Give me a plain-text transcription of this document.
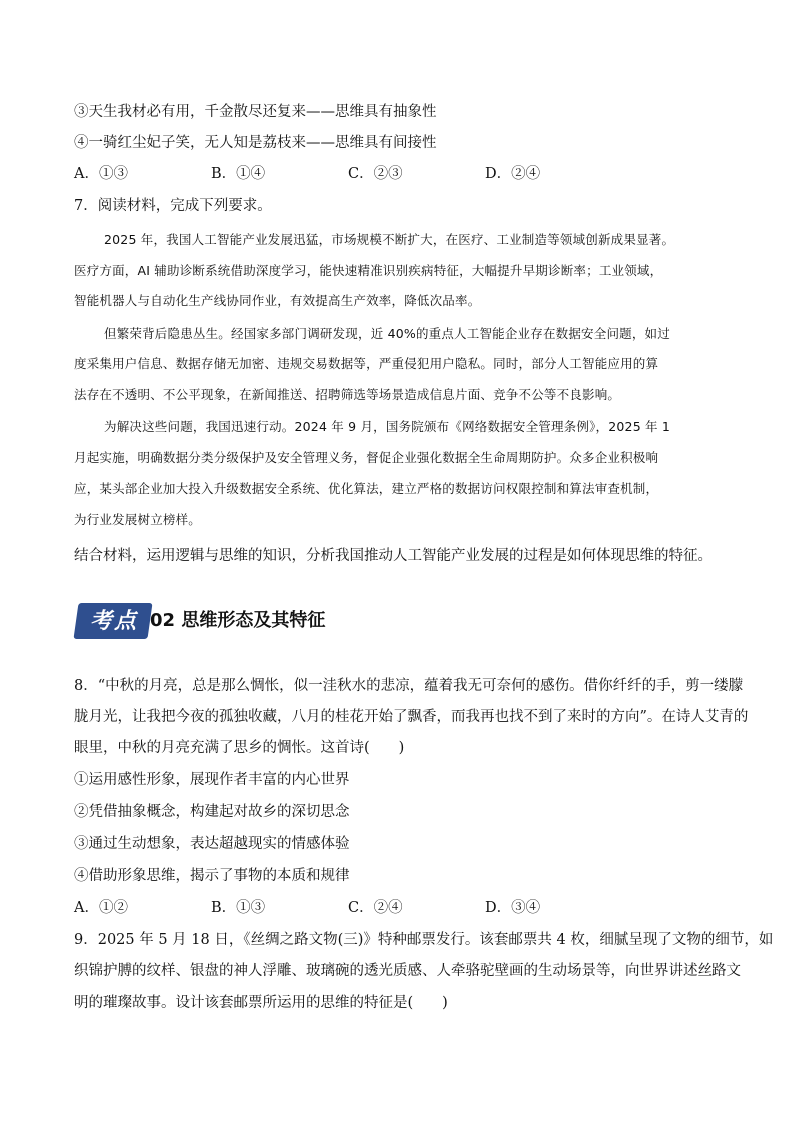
③天生我材必有用，千金散尽还复来——思维具有抽象性
④一骑红尘妃子笑，无人知是荔枝来——思维具有间接性
A．①③	B．①④	C．②③	D．②④
7．阅读材料，完成下列要求。
2025 年，我国人工智能产业发展迅猛，市场规模不断扩大，在医疗、工业制造等领域创新成果显著。
医疗方面，AI 辅助诊断系统借助深度学习，能快速精准识别疾病特征，大幅提升早期诊断率；工业领域，
智能机器人与自动化生产线协同作业，有效提高生产效率，降低次品率。
但繁荣背后隐患丛生。经国家多部门调研发现，近 40%的重点人工智能企业存在数据安全问题，如过
度采集用户信息、数据存储无加密、违规交易数据等，严重侵犯用户隐私。同时，部分人工智能应用的算
法存在不透明、不公平现象，在新闻推送、招聘筛选等场景造成信息片面、竞争不公等不良影响。
为解决这些问题，我国迅速行动。2024 年 9 月，国务院颁布《网络数据安全管理条例》，2025 年 1
月起实施，明确数据分类分级保护及安全管理义务，督促企业强化数据全生命周期防护。众多企业积极响
应，某头部企业加大投入升级数据安全系统、优化算法，建立严格的数据访问权限控制和算法审查机制，
为行业发展树立榜样。
结合材料，运用逻辑与思维的知识，分析我国推动人工智能产业发展的过程是如何体现思维的特征。
考点 02 思维形态及其特征
8．“中秋的月亮，总是那么惆怅，似一洼秋水的悲凉，蕴着我无可奈何的感伤。借你纤纤的手，剪一缕朦
胧月光，让我把今夜的孤独收藏，八月的桂花开始了飘香，而我再也找不到了来时的方向”。在诗人艾青的
眼里，中秋的月亮充满了思乡的惆怅。这首诗(　　)
①运用感性形象，展现作者丰富的内心世界
②凭借抽象概念，构建起对故乡的深切思念
③通过生动想象，表达超越现实的情感体验
④借助形象思维，揭示了事物的本质和规律
A．①②	B．①③	C．②④	D．③④
9．2025 年 5 月 18 日，《丝绸之路文物(三)》特种邮票发行。该套邮票共 4 枚，细腻呈现了文物的细节，如
织锦护膊的纹样、银盘的神人浮雕、玻璃碗的透光质感、人牵骆驼壁画的生动场景等，向世界讲述丝路文
明的璀璨故事。设计该套邮票所运用的思维的特征是(　　)
